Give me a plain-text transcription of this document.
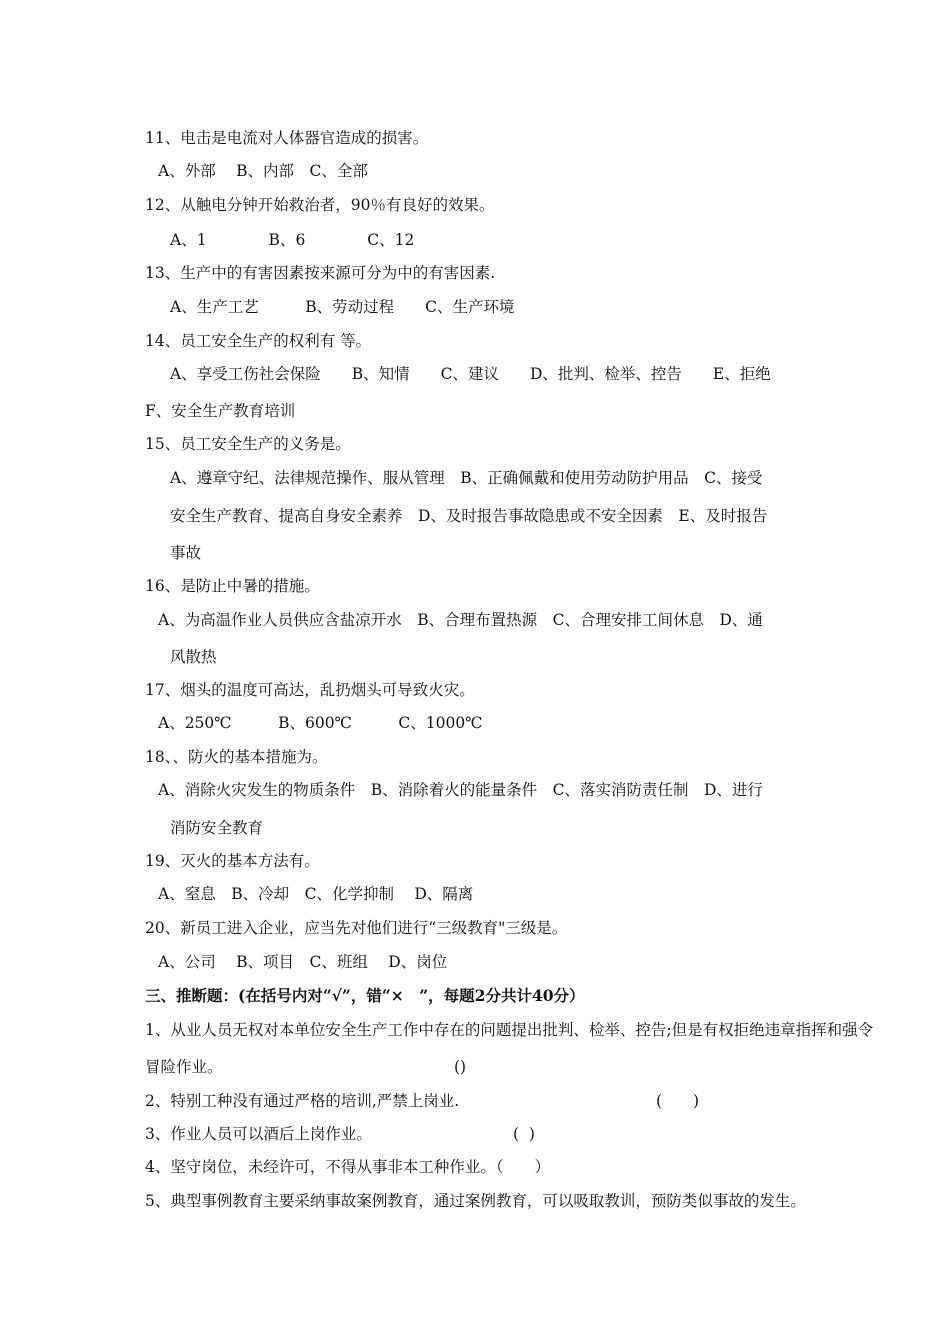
11、电击是电流对人体器官造成的损害。
A、外部　 B、内部　C、全部
12、从触电分钟开始救治者，90％有良好的效果。
A、1　　　　B、6　　　　C、12
13、生产中的有害因素按来源可分为中的有害因素.
A、生产工艺　　　B、劳动过程　　C、生产环境
14、员工安全生产的权利有 等。
A、享受工伤社会保险　　B、知情　　C、建议　　D、批判、检举、控告　　E、拒绝
F、安全生产教育培训
15、员工安全生产的义务是。
A、遵章守纪、法律规范操作、服从管理　B、正确佩戴和使用劳动防护用品　C、接受
安全生产教育、提高自身安全素养　D、及时报告事故隐患或不安全因素　E、及时报告
事故
16、是防止中暑的措施。
A、为高温作业人员供应含盐凉开水　B、合理布置热源　C、合理安排工间休息　D、通
风散热
17、烟头的温度可高达，乱扔烟头可导致火灾。
A、250℃　　　B、600℃　　　C、1000℃
18、、防火的基本措施为。
A、消除火灾发生的物质条件　B、消除着火的能量条件　C、落实消防责任制　D、进行
消防安全教育
19、灭火的基本方法有。
A、窒息　B、冷却　C、化学抑制　 D、隔离
20、新员工进入企业，应当先对他们进行“三级教育"三级是。
A、公司　 B、项目　C、班组　 D、岗位
三、推断题：(在括号内对“√”，错“×　”，每题2分共计40分）
1、从业人员无权对本单位安全生产工作中存在的问题提出批判、检举、控告;但是有权拒绝违章指挥和强令
冒险作业。	()
2、特别工种没有通过严格的培训,严禁上岗业.	(　　)
3、作业人员可以酒后上岗作业。	(  )
4、坚守岗位，未经许可，不得从事非本工种作业。（　　）
5、典型事例教育主要采纳事故案例教育，通过案例教育，可以吸取教训，预防类似事故的发生。
